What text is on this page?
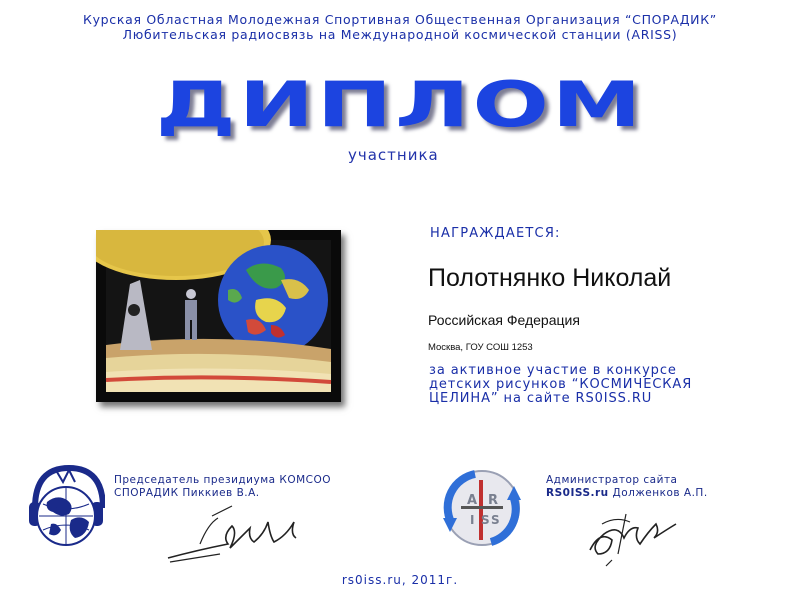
Курская Областная Молодежная Спортивная Общественная Организация “СПОРАДИК”
Любительская радиосвязь на Международной космической станции (ARISS)
ДИПЛОМ
участника
НАГРАЖДАЕТСЯ:
Полотнянко Николай
Российская Федерация
Москва, ГОУ СОШ 1253
за активное участие в конкурсе
детских рисунков “КОСМИЧЕСКАЯ
ЦЕЛИНА” на сайте RS0ISS.RU
Председатель президиума КОМСОО
СПОРАДИК Пиккиев В.А.	A R
I S S
Администратор сайта
RS0ISS.ru Долженков А.П.
rs0iss.ru, 2011г.
